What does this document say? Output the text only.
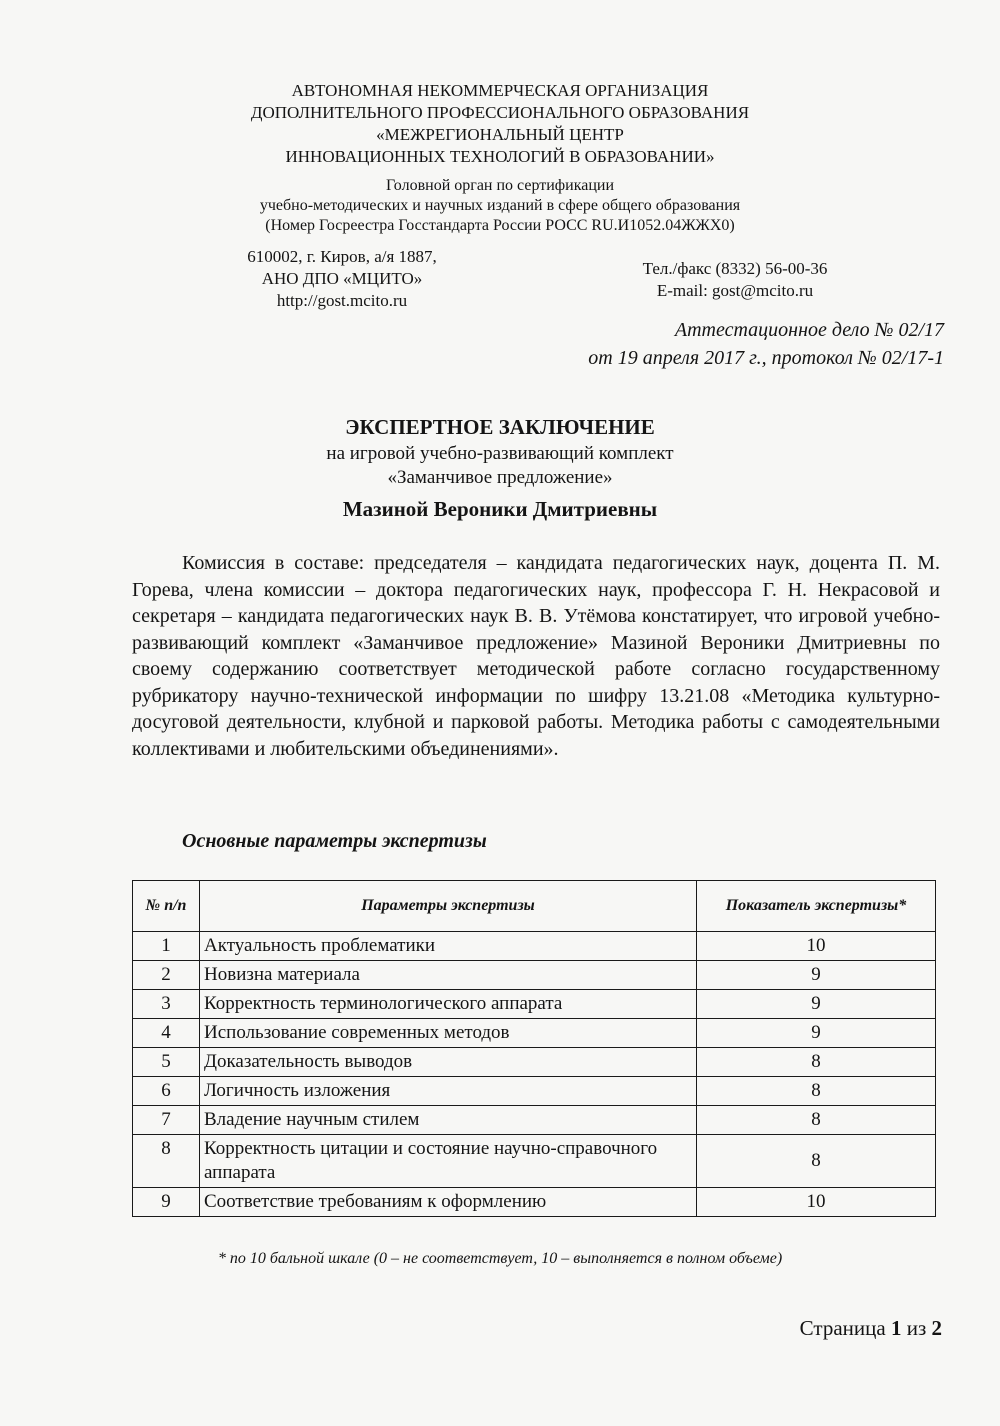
АВТОНОМНАЯ НЕКОММЕРЧЕСКАЯ ОРГАНИЗАЦИЯ
ДОПОЛНИТЕЛЬНОГО ПРОФЕССИОНАЛЬНОГО ОБРАЗОВАНИЯ
«МЕЖРЕГИОНАЛЬНЫЙ ЦЕНТР
ИННОВАЦИОННЫХ ТЕХНОЛОГИЙ В ОБРАЗОВАНИИ»
Головной орган по сертификации
учебно-методических и научных изданий в сфере общего образования
(Номер Госреестра Госстандарта России РОСС RU.И1052.04ЖЖХ0)
610002, г. Киров, а/я 1887,
АНО ДПО «МЦИТО»
http://gost.mcito.ru
Тел./факс (8332) 56-00-36
E-mail: gost@mcito.ru
Аттестационное дело № 02/17
от 19 апреля 2017 г., протокол № 02/17-1
ЭКСПЕРТНОЕ ЗАКЛЮЧЕНИЕ
на игровой учебно-развивающий комплект
«Заманчивое предложение»
Мазиной Вероники Дмитриевны
Комиссия в составе: председателя – кандидата педагогических наук, доцента П. М. Горева, члена комиссии – доктора педагогических наук, профессора Г. Н. Некрасовой и секретаря – кандидата педагогических наук В. В. Утёмова констатирует, что игровой учебно-развивающий комплект «Заманчивое предложение» Мазиной Вероники Дмитриевны по своему содержанию соответствует методической работе согласно государственному рубрикатору научно-технической информации по шифру 13.21.08 «Методика культурно-досуговой деятельности, клубной и парковой работы. Методика работы с самодеятельными коллективами и любительскими объединениями».
Основные параметры экспертизы
№ п/п	Параметры экспертизы	Показатель экспертизы*
1	Актуальность проблематики	10
2	Новизна материала	9
3	Корректность терминологического аппарата	9
4	Использование современных методов	9
5	Доказательность выводов	8
6	Логичность изложения	8
7	Владение научным стилем	8
8	Корректность цитации и состояние научно-справочного аппарата	8
9	Соответствие требованиям к оформлению	10
* по 10 бальной шкале (0 – не соответствует, 10 – выполняется в полном объеме)
Страница 1 из 2
